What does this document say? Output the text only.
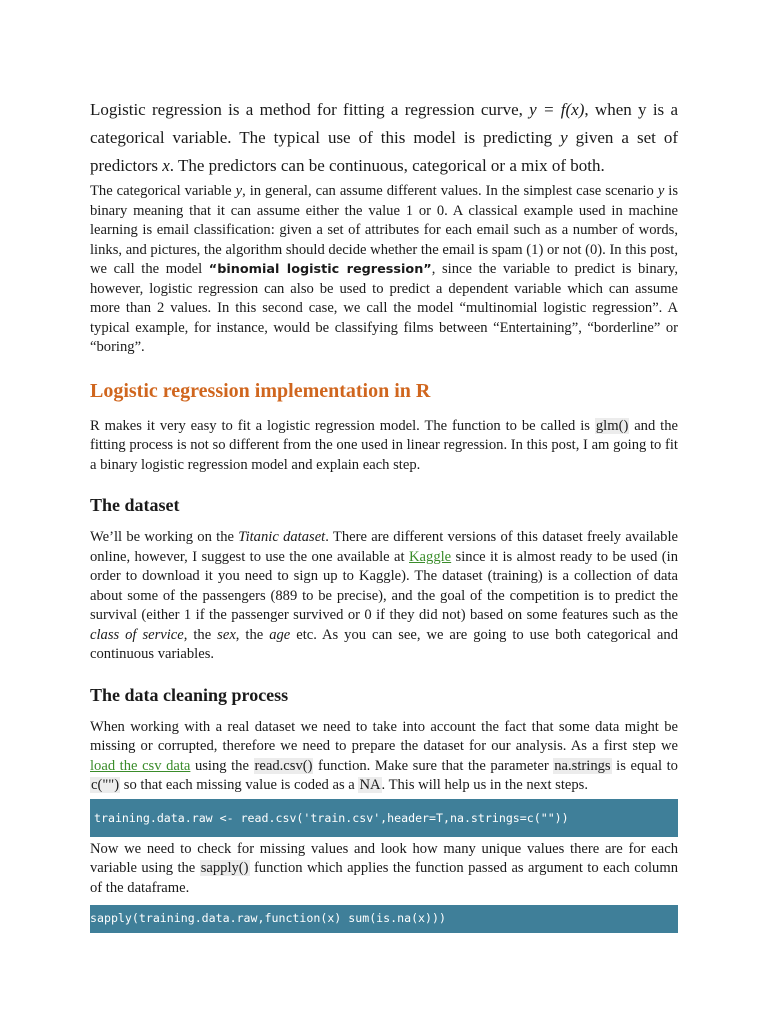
Logistic regression is a method for fitting a regression curve, y = f(x), when y is a categorical variable. The typical use of this model is predicting y given a set of predictors x. The predictors can be continuous, categorical or a mix of both.

The categorical variable y, in general, can assume different values. In the simplest case scenario y is binary meaning that it can assume either the value 1 or 0. A classical example used in machine learning is email classification: given a set of attributes for each email such as a number of words, links, and pictures, the algorithm should decide whether the email is spam (1) or not (0). In this post, we call the model “binomial logistic regression”, since the variable to predict is binary, however, logistic regression can also be used to predict a dependent variable which can assume more than 2 values. In this second case, we call the model “multinomial logistic regression”. A typical example, for instance, would be classifying films between “Entertaining”, “borderline” or “boring”.

Logistic regression implementation in R

R makes it very easy to fit a logistic regression model. The function to be called is glm() and the fitting process is not so different from the one used in linear regression. In this post, I am going to fit a binary logistic regression model and explain each step.

The dataset

We’ll be working on the Titanic dataset. There are different versions of this dataset freely available online, however, I suggest to use the one available at Kaggle since it is almost ready to be used (in order to download it you need to sign up to Kaggle). The dataset (training) is a collection of data about some of the passengers (889 to be precise), and the goal of the competition is to predict the survival (either 1 if the passenger survived or 0 if they did not) based on some features such as the class of service, the sex, the age etc. As you can see, we are going to use both categorical and continuous variables.

The data cleaning process

When working with a real dataset we need to take into account the fact that some data might be missing or corrupted, therefore we need to prepare the dataset for our analysis. As a first step we load the csv data using the read.csv() function. Make sure that the parameter na.strings is equal to c("") so that each missing value is coded as a NA. This will help us in the next steps.

training.data.raw <- read.csv('train.csv',header=T,na.strings=c(""))

Now we need to check for missing values and look how many unique values there are for each variable using the sapply() function which applies the function passed as argument to each column of the dataframe.

sapply(training.data.raw,function(x) sum(is.na(x)))
